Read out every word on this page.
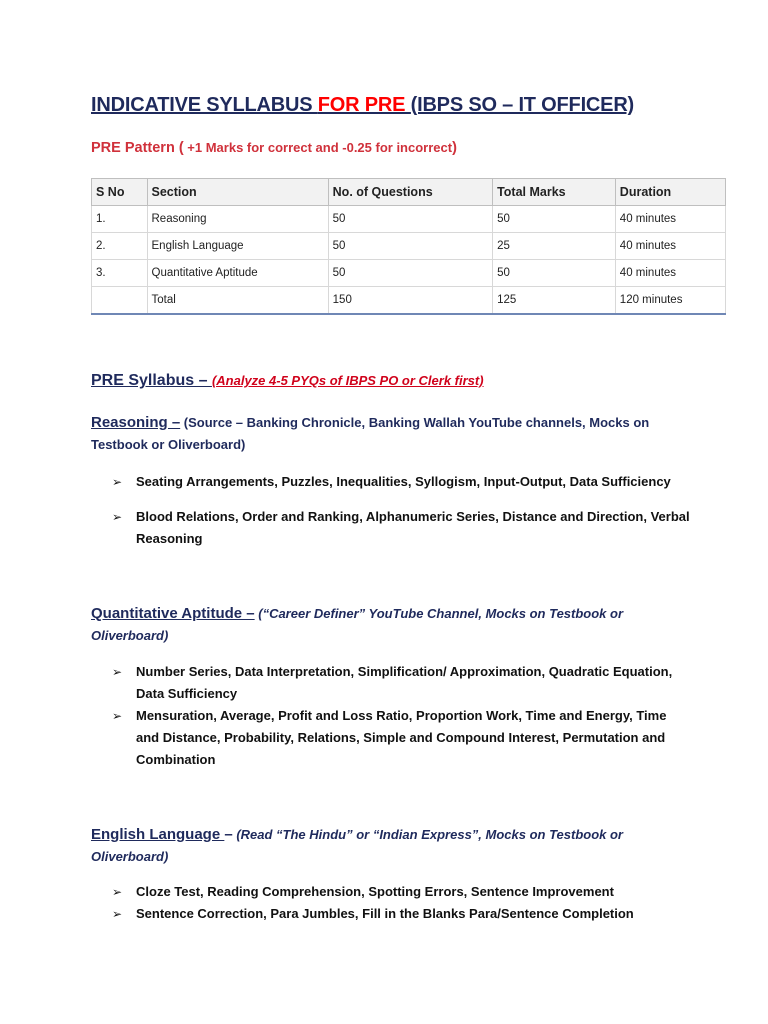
INDICATIVE SYLLABUS FOR PRE (IBPS SO – IT OFFICER)
PRE Pattern ( +1 Marks for correct and -0.25 for incorrect)
S No	Section	No. of Questions	Total Marks	Duration
1.	Reasoning	50	50	40 minutes
2.	English Language	50	25	40 minutes
3.	Quantitative Aptitude	50	50	40 minutes
	Total	150	125	120 minutes
PRE Syllabus – (Analyze 4-5 PYQs of IBPS PO or Clerk first)
Reasoning – (Source – Banking Chronicle, Banking Wallah YouTube channels, Mocks on Testbook or Oliverboard)
➢ Seating Arrangements, Puzzles, Inequalities, Syllogism, Input-Output, Data Sufficiency
➢ Blood Relations, Order and Ranking, Alphanumeric Series, Distance and Direction, Verbal Reasoning
Quantitative Aptitude – (“Career Definer” YouTube Channel, Mocks on Testbook or Oliverboard)
➢ Number Series, Data Interpretation, Simplification/ Approximation, Quadratic Equation, Data Sufficiency
➢ Mensuration, Average, Profit and Loss Ratio, Proportion Work, Time and Energy, Time and Distance, Probability, Relations, Simple and Compound Interest, Permutation and Combination
English Language – (Read “The Hindu” or “Indian Express”, Mocks on Testbook or Oliverboard)
➢ Cloze Test, Reading Comprehension, Spotting Errors, Sentence Improvement
➢ Sentence Correction, Para Jumbles, Fill in the Blanks Para/Sentence Completion
